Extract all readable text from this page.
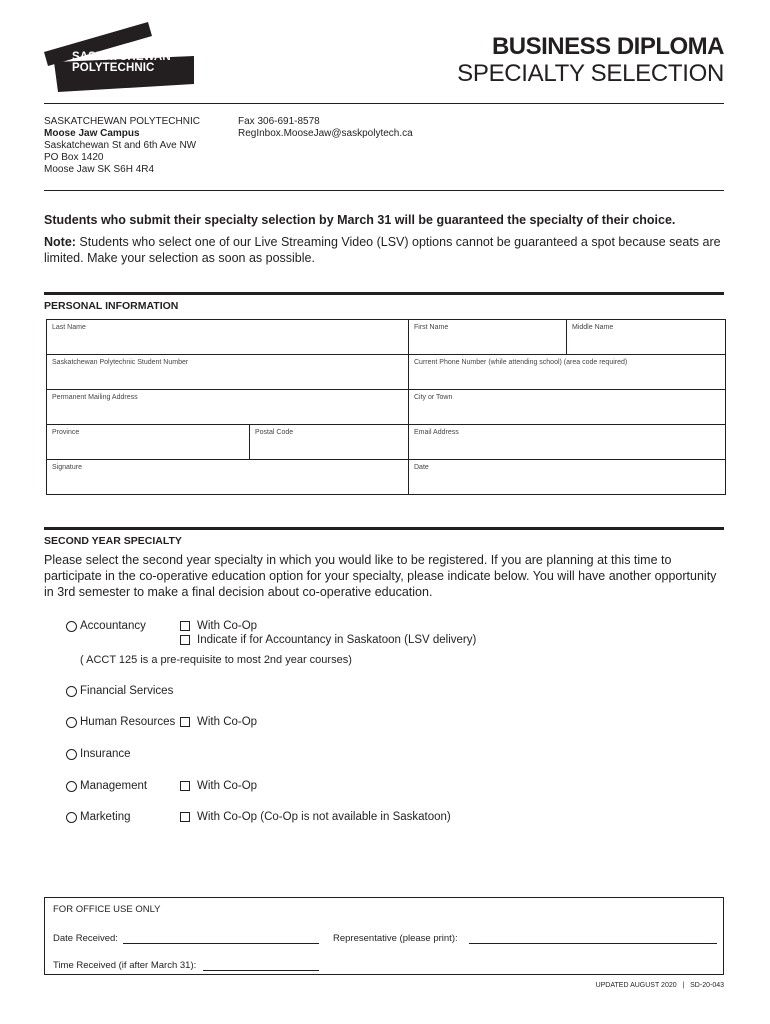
SASKATCHEWAN
POLYTECHNIC
BUSINESS DIPLOMA
SPECIALTY SELECTION
SASKATCHEWAN POLYTECHNIC
Moose Jaw Campus
Saskatchewan St and 6th Ave NW
PO Box 1420
Moose Jaw SK S6H 4R4
Fax 306-691-8578
RegInbox.MooseJaw@saskpolytech.ca
Students who submit their specialty selection by March 31 will be guaranteed the specialty of their choice.
Note: Students who select one of our Live Streaming Video (LSV) options cannot be guaranteed a spot because seats are limited. Make your selection as soon as possible.
PERSONAL INFORMATION
Last Name	First Name	Middle Name
Saskatchewan Polytechnic Student Number	Current Phone Number (while attending school) (area code required)
Permanent Mailing Address	City or Town
Province	Postal Code	Email Address
Signature	Date
SECOND YEAR SPECIALTY
Please select the second year specialty in which you would like to be registered. If you are planning at this time to participate in the co-operative education option for your specialty, please indicate below. You will have another opportunity in 3rd semester to make a final decision about co-operative education.
Accountancy	With Co-Op
Indicate if for Accountancy in Saskatoon (LSV delivery)
( ACCT 125 is a pre-requisite to most 2nd year courses)
Financial Services
Human Resources With Co-Op
Insurance
Management	With Co-Op
Marketing	With Co-Op (Co-Op is not available in Saskatoon)
FOR OFFICE USE ONLY
Date Received:	Representative (please print):
Time Received (if after March 31):
UPDATED AUGUST 2020 | SD-20-043
